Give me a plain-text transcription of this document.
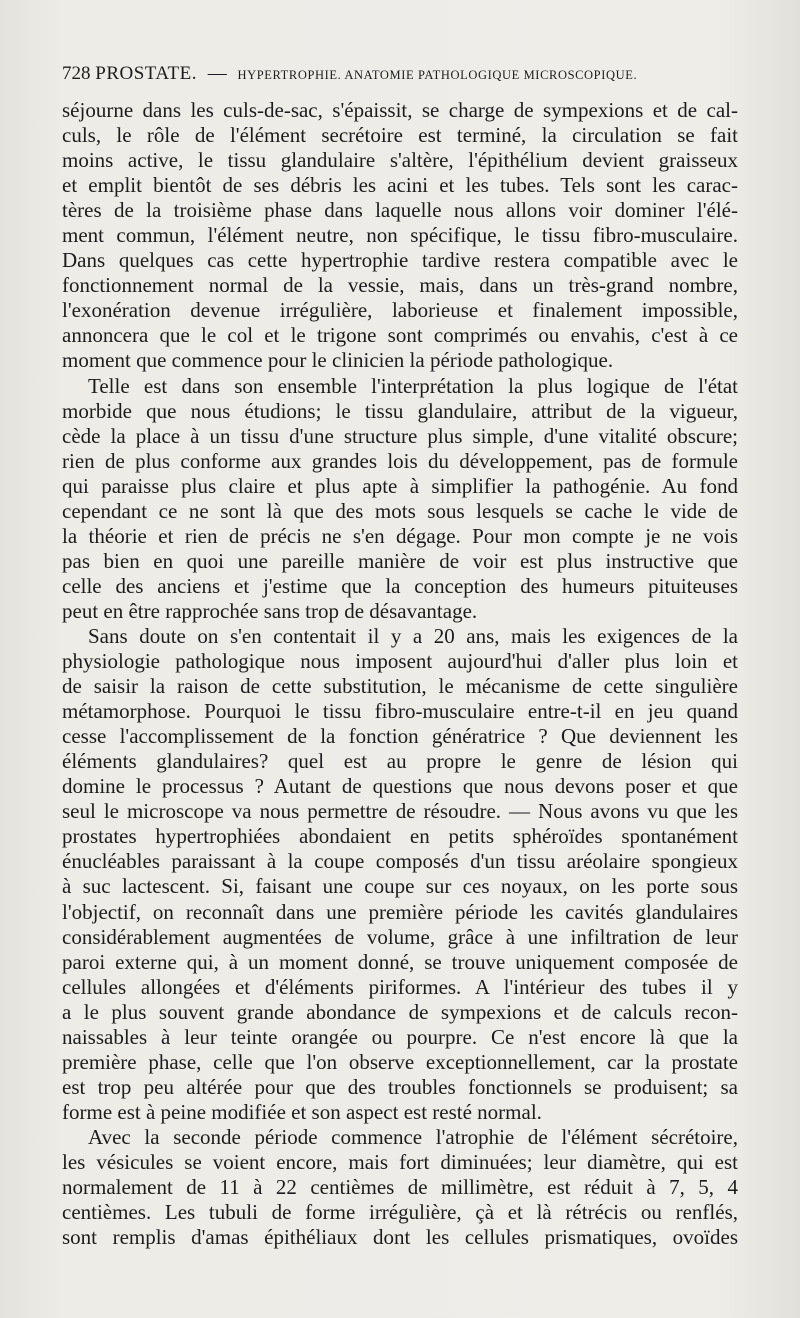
728 PROSTATE. — HYPERTROPHIE. ANATOMIE PATHOLOGIQUE MICROSCOPIQUE.
séjourne dans les culs-de-sac, s'épaissit, se charge de sympexions et de cal-
culs, le rôle de l'élément secrétoire est terminé, la circulation se fait
moins active, le tissu glandulaire s'altère, l'épithélium devient graisseux
et emplit bientôt de ses débris les acini et les tubes. Tels sont les carac-
tères de la troisième phase dans laquelle nous allons voir dominer l'élé-
ment commun, l'élément neutre, non spécifique, le tissu fibro-musculaire.
Dans quelques cas cette hypertrophie tardive restera compatible avec le
fonctionnement normal de la vessie, mais, dans un très-grand nombre,
l'exonération devenue irrégulière, laborieuse et finalement impossible,
annoncera que le col et le trigone sont comprimés ou envahis, c'est à ce
moment que commence pour le clinicien la période pathologique.
Telle est dans son ensemble l'interprétation la plus logique de l'état
morbide que nous étudions; le tissu glandulaire, attribut de la vigueur,
cède la place à un tissu d'une structure plus simple, d'une vitalité obscure;
rien de plus conforme aux grandes lois du développement, pas de formule
qui paraisse plus claire et plus apte à simplifier la pathogénie. Au fond
cependant ce ne sont là que des mots sous lesquels se cache le vide de
la théorie et rien de précis ne s'en dégage. Pour mon compte je ne vois
pas bien en quoi une pareille manière de voir est plus instructive que
celle des anciens et j'estime que la conception des humeurs pituiteuses
peut en être rapprochée sans trop de désavantage.
Sans doute on s'en contentait il y a 20 ans, mais les exigences de la
physiologie pathologique nous imposent aujourd'hui d'aller plus loin et
de saisir la raison de cette substitution, le mécanisme de cette singulière
métamorphose. Pourquoi le tissu fibro-musculaire entre-t-il en jeu quand
cesse l'accomplissement de la fonction génératrice ? Que deviennent les
éléments glandulaires? quel est au propre le genre de lésion qui
domine le processus ? Autant de questions que nous devons poser et que
seul le microscope va nous permettre de résoudre. — Nous avons vu que les
prostates hypertrophiées abondaient en petits sphéroïdes spontanément
énucléables paraissant à la coupe composés d'un tissu aréolaire spongieux
à suc lactescent. Si, faisant une coupe sur ces noyaux, on les porte sous
l'objectif, on reconnaît dans une première période les cavités glandulaires
considérablement augmentées de volume, grâce à une infiltration de leur
paroi externe qui, à un moment donné, se trouve uniquement composée de
cellules allongées et d'éléments piriformes. A l'intérieur des tubes il y
a le plus souvent grande abondance de sympexions et de calculs recon-
naissables à leur teinte orangée ou pourpre. Ce n'est encore là que la
première phase, celle que l'on observe exceptionnellement, car la prostate
est trop peu altérée pour que des troubles fonctionnels se produisent; sa
forme est à peine modifiée et son aspect est resté normal.
Avec la seconde période commence l'atrophie de l'élément sécrétoire,
les vésicules se voient encore, mais fort diminuées; leur diamètre, qui est
normalement de 11 à 22 centièmes de millimètre, est réduit à 7, 5, 4
centièmes. Les tubuli de forme irrégulière, çà et là rétrécis ou renflés,
sont remplis d'amas épithéliaux dont les cellules prismatiques, ovoïdes
